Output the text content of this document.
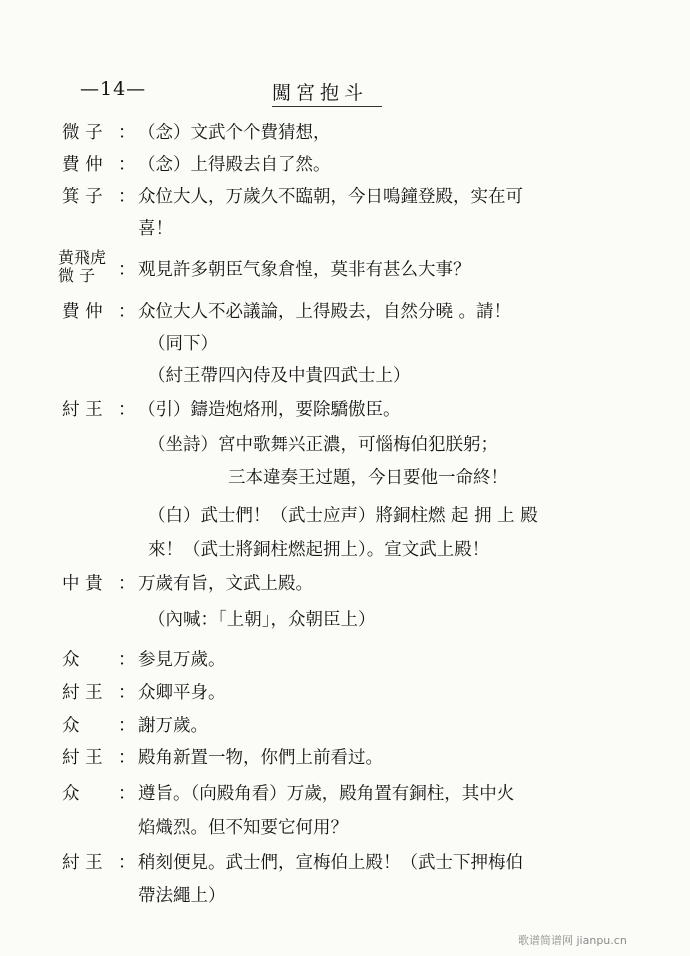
—14—	闖宮抱斗
微 子 ： （念）文武个个費猜想，
費 仲 ： （念）上得殿去自了然。
箕 子 ： 众位大人，万歲久不臨朝，今日鳴鐘登殿，实在可
喜！
黄飛虎
微 子 ： 观見許多朝臣气象倉惶，莫非有甚么大事？
費 仲 ： 众位大人不必議論，上得殿去，自然分曉 。請！
（同下）
（紂王帶四內侍及中貴四武士上）
紂 王 ： （引）鑄造炮烙刑，要除驕傲臣。
（坐詩）宮中歌舞兴正濃，可惱梅伯犯朕躬；
三本違奏王过題，今日要他一命終！
（白）武士們！（武士应声）將銅柱燃 起 拥 上 殿
來！（武士將銅柱燃起拥上）。宣文武上殿！
中 貴 ： 万歲有旨，文武上殿。
（內喊：「上朝」，众朝臣上）
众 ： 参見万歲。
紂 王 ： 众卿平身。
众 ： 謝万歲。
紂 王 ： 殿角新置一物，你們上前看过。
众 ： 遵旨。（向殿角看）万歲，殿角置有銅柱，其中火
焰熾烈。但不知要它何用？
紂 王 ： 稍刻便見。武士們，宣梅伯上殿！（武士下押梅伯
帶法繩上）
歌谱简谱网 jianpu.cn
